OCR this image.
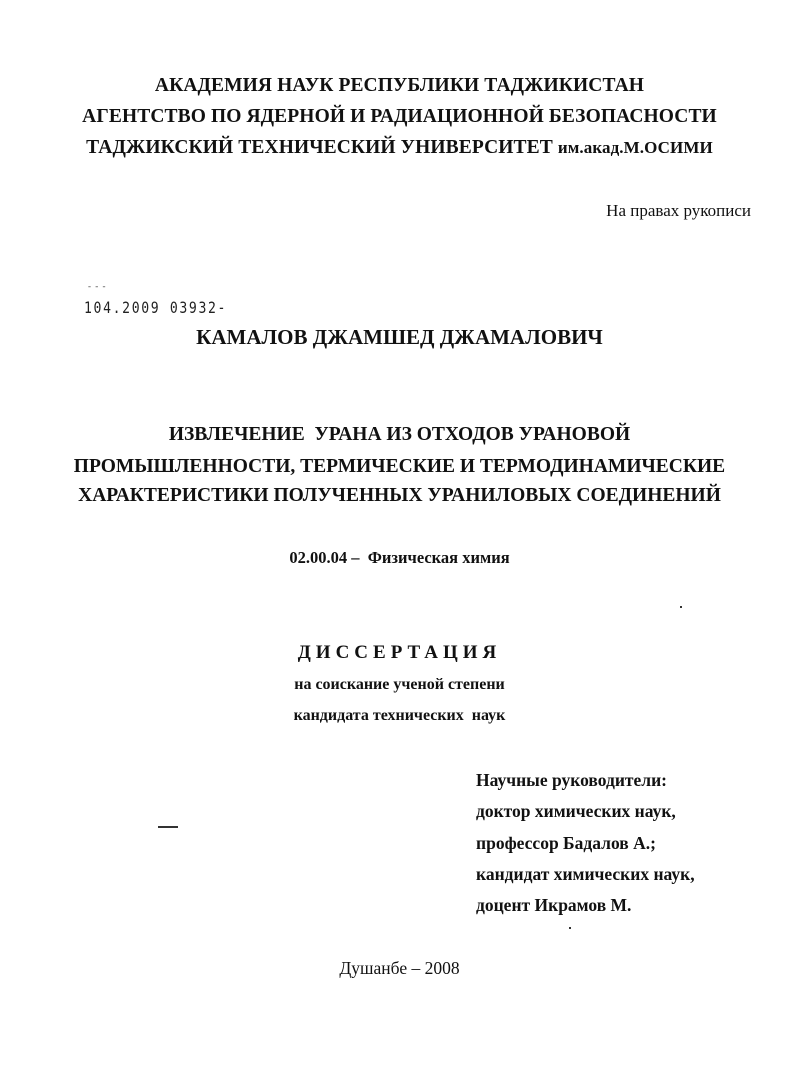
АКАДЕМИЯ НАУК РЕСПУБЛИКИ ТАДЖИКИСТАН

АГЕНТСТВО ПО ЯДЕРНОЙ И РАДИАЦИОННОЙ БЕЗОПАСНОСТИ

ТАДЖИКСКИЙ ТЕХНИЧЕСКИЙ УНИВЕРСИТЕТ им.акад.М.ОСИМИ

На правах рукописи

- - -

104.2009 03932-

КАМАЛОВ ДЖАМШЕД ДЖАМАЛОВИЧ

ИЗВЛЕЧЕНИЕ  УРАНА ИЗ ОТХОДОВ УРАНОВОЙ

ПРОМЫШЛЕННОСТИ, ТЕРМИЧЕСКИЕ И ТЕРМОДИНАМИЧЕСКИЕ

ХАРАКТЕРИСТИКИ ПОЛУЧЕННЫХ УРАНИЛОВЫХ СОЕДИНЕНИЙ

02.00.04 –  Физическая химия

ДИССЕРТАЦИЯ

на соискание ученой степени

кандидата технических  наук

Научные руководители:

доктор химических наук,

профессор Бадалов А.;

кандидат химических наук,

доцент Икрамов М.

Душанбе – 2008
